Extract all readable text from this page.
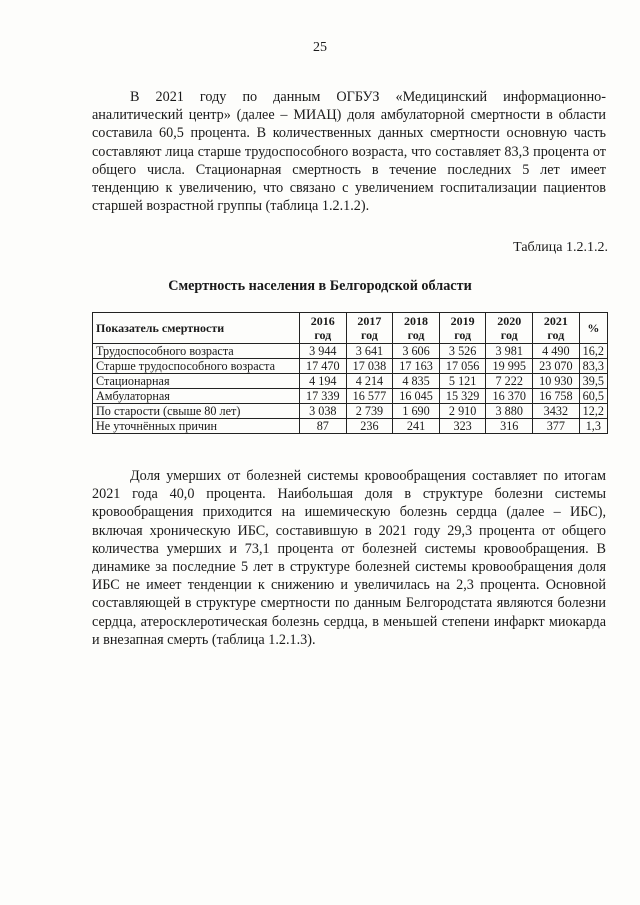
25

В 2021 году по данным ОГБУЗ «Медицинский информационно-аналитический центр» (далее – МИАЦ) доля амбулаторной смертности в области составила 60,5 процента. В количественных данных смертности основную часть составляют лица старше трудоспособного возраста, что составляет 83,3 процента от общего числа. Стационарная смертность в течение последних 5 лет имеет тенденцию к увеличению, что связано с увеличением госпитализации пациентов старшей возрастной группы (таблица 1.2.1.2).

Таблица 1.2.1.2.
Смертность населения в Белгородской области
Показатель смертности	2016 год	2017 год	2018 год	2019 год	2020 год	2021 год	%
Трудоспособного возраста	3 944	3 641	3 606	3 526	3 981	4 490	16,2
Старше трудоспособного возраста	17 470	17 038	17 163	17 056	19 995	23 070	83,3
Стационарная	4 194	4 214	4 835	5 121	7 222	10 930	39,5
Амбулаторная	17 339	16 577	16 045	15 329	16 370	16 758	60,5
По старости (свыше 80 лет)	3 038	2 739	1 690	2 910	3 880	3432	12,2
Не уточнённых причин	87	236	241	323	316	377	1,3

Доля умерших от болезней системы кровообращения составляет по итогам 2021 года 40,0 процента. Наибольшая доля в структуре болезни системы кровообращения приходится на ишемическую болезнь сердца (далее – ИБС), включая хроническую ИБС, составившую в 2021 году 29,3 процента от общего количества умерших и 73,1 процента от болезней системы кровообращения. В динамике за последние 5 лет в структуре болезней системы кровообращения доля ИБС не имеет тенденции к снижению и увеличилась на 2,3 процента. Основной составляющей в структуре смертности по данным Белгородстата являются болезни сердца, атеросклеротическая болезнь сердца, в меньшей степени инфаркт миокарда и внезапная смерть (таблица 1.2.1.3).
